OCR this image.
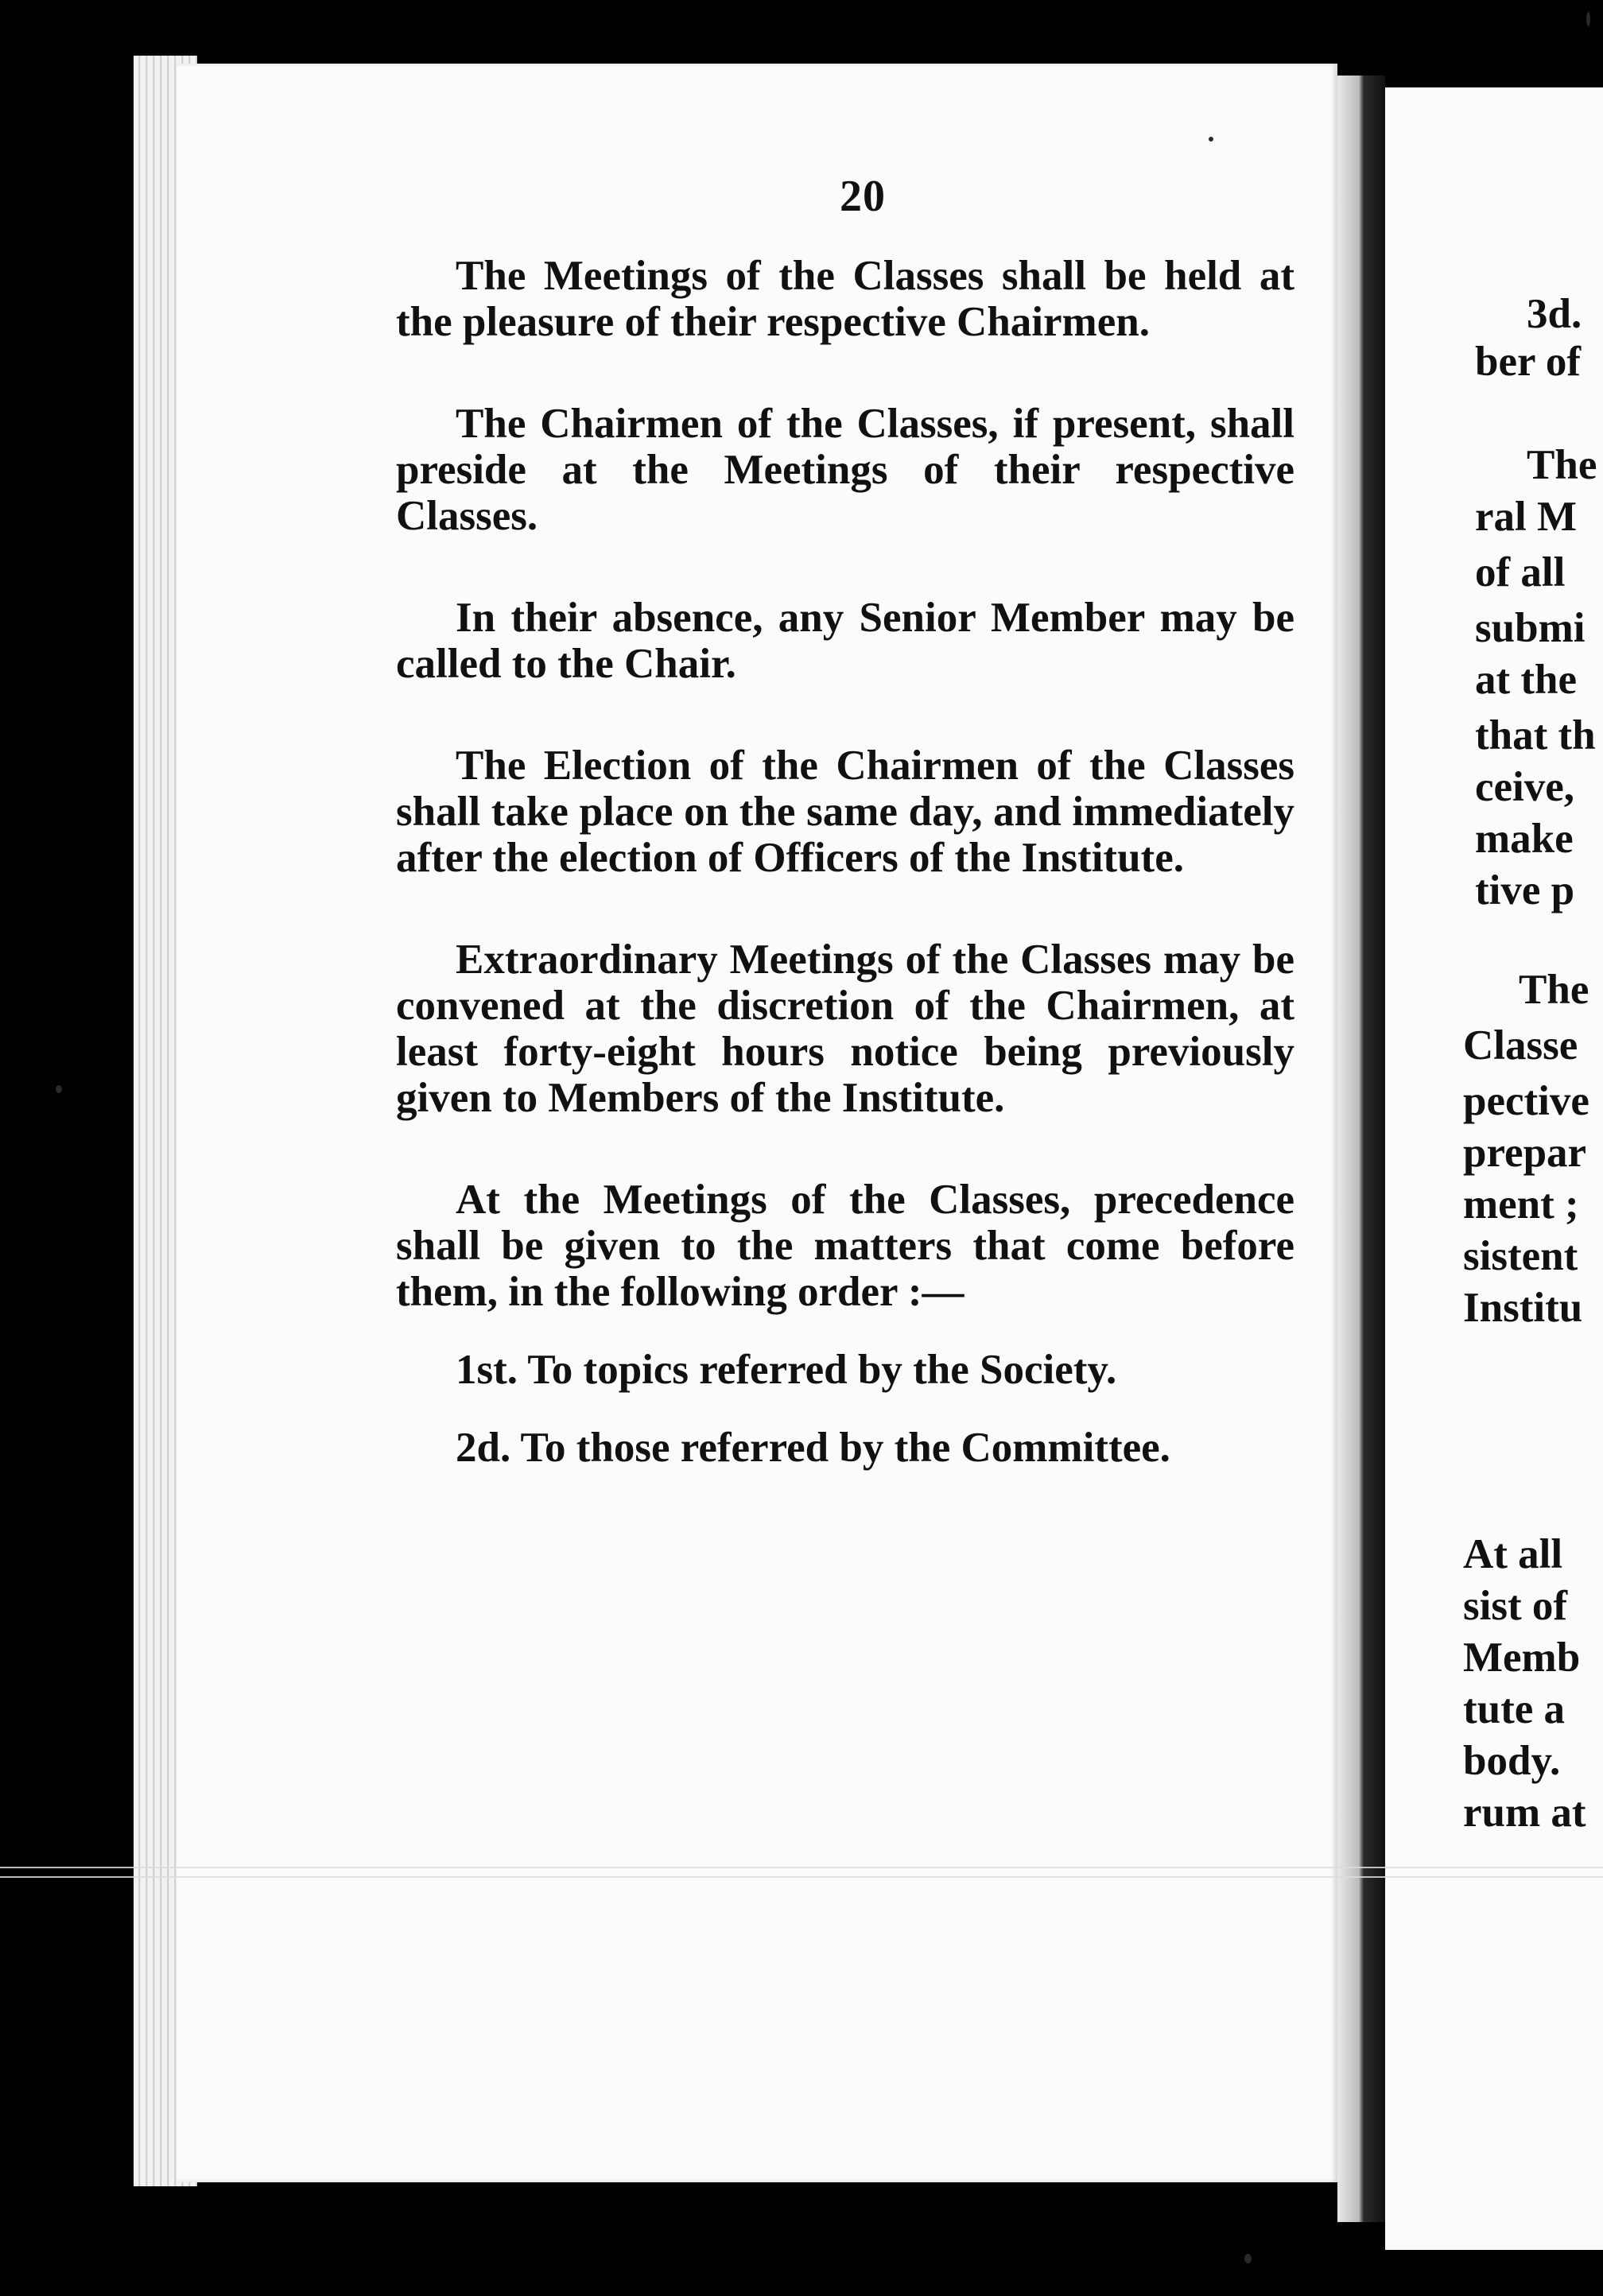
20

The Meetings of the Classes shall be held at the pleasure of their respective Chairmen.

The Chairmen of the Classes, if present, shall preside at the Meetings of their respective Classes.

In their absence, any Senior Member may be called to the Chair.

The Election of the Chairmen of the Classes shall take place on the same day, and immediately after the election of Officers of the Institute.

Extraordinary Meetings of the Classes may be convened at the discretion of the Chairmen, at least forty-eight hours notice being previously given to Members of the Institute.

At the Meetings of the Classes, precedence shall be given to the matters that come before them, in the following order :—

1st. To topics referred by the Society.

2d. To those referred by the Committee.

3d.
ber of
The
ral M
of all
submi
at the
that th
ceive,
make
tive p
The
Classe
pective
prepar
ment ;
sistent
Institu
At all
sist of
Memb
tute a
body.
rum at
